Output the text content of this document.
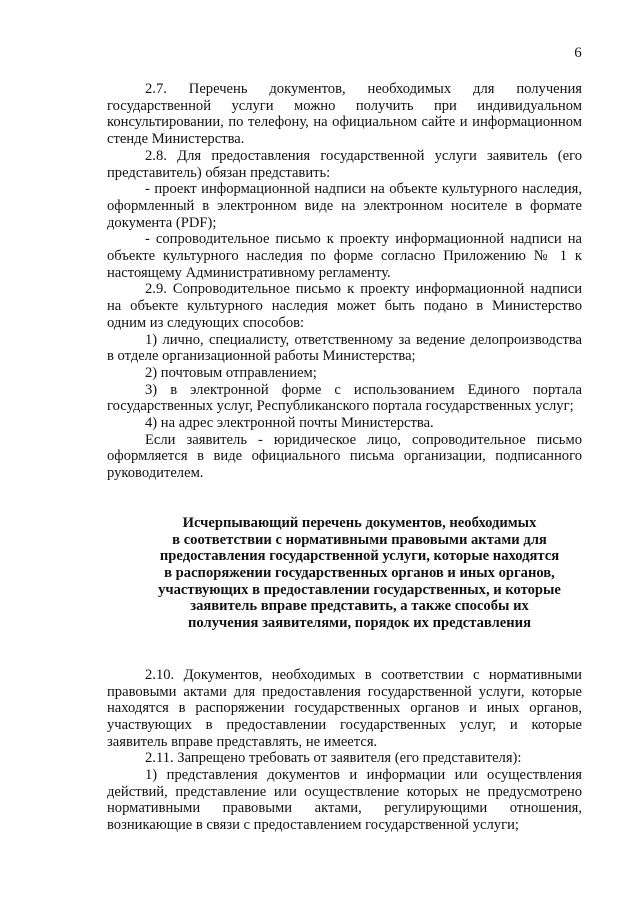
6

2.7. Перечень документов, необходимых для получения государственной услуги можно получить при индивидуальном консультировании, по телефону, на официальном сайте и информационном стенде Министерства.

2.8. Для предоставления государственной услуги заявитель (его представитель) обязан представить:

- проект информационной надписи на объекте культурного наследия, оформленный в электронном виде на электронном носителе в формате документа (PDF);

- сопроводительное письмо к проекту информационной надписи на объекте культурного наследия по форме согласно Приложению № 1 к настоящему Административному регламенту.

2.9. Сопроводительное письмо к проекту информационной надписи на объекте культурного наследия может быть подано в Министерство одним из следующих способов:

1) лично, специалисту, ответственному за ведение делопроизводства в отделе организационной работы Министерства;

2) почтовым отправлением;

3) в электронной форме с использованием Единого портала государственных услуг, Республиканского портала государственных услуг;

4) на адрес электронной почты Министерства.

Если заявитель - юридическое лицо, сопроводительное письмо оформляется в виде официального письма организации, подписанного руководителем.

Исчерпывающий перечень документов, необходимых

в соответствии с нормативными правовыми актами для

предоставления государственной услуги, которые находятся

в распоряжении государственных органов и иных органов,

участвующих в предоставлении государственных, и которые

заявитель вправе представить, а также способы их

получения заявителями, порядок их представления

2.10. Документов, необходимых в соответствии с нормативными правовыми актами для предоставления государственной услуги, которые находятся в распоряжении государственных органов и иных органов, участвующих в предоставлении государственных услуг, и которые заявитель вправе представлять, не имеется.

2.11. Запрещено требовать от заявителя (его представителя):

1) представления документов и информации или осуществления действий, представление или осуществление которых не предусмотрено нормативными правовыми актами, регулирующими отношения, возникающие в связи с предоставлением государственной услуги;
